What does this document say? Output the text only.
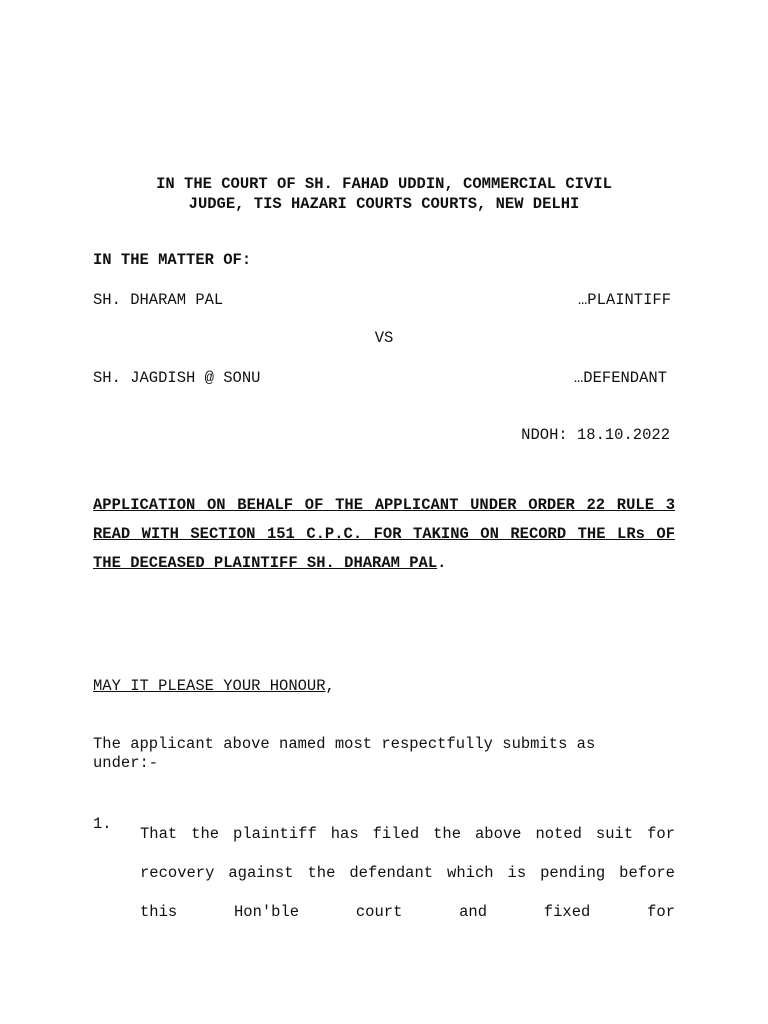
IN THE COURT OF SH. FAHAD UDDIN, COMMERCIAL CIVIL
JUDGE, TIS HAZARI COURTS COURTS, NEW DELHI
IN THE MATTER OF:
SH. DHARAM PAL	…PLAINTIFF
VS
SH. JAGDISH @ SONU	…DEFENDANT
NDOH: 18.10.2022
APPLICATION ON BEHALF OF THE APPLICANT UNDER ORDER 22 RULE 3 READ WITH SECTION 151 C.P.C. FOR TAKING ON RECORD THE LRs OF THE DECEASED PLAINTIFF SH. DHARAM PAL.
MAY IT PLEASE YOUR HONOUR,
The applicant above named most respectfully submits as under:-
1.
That the plaintiff has filed the above noted suit for recovery against the defendant which is pending before this Hon'ble court and fixed for
